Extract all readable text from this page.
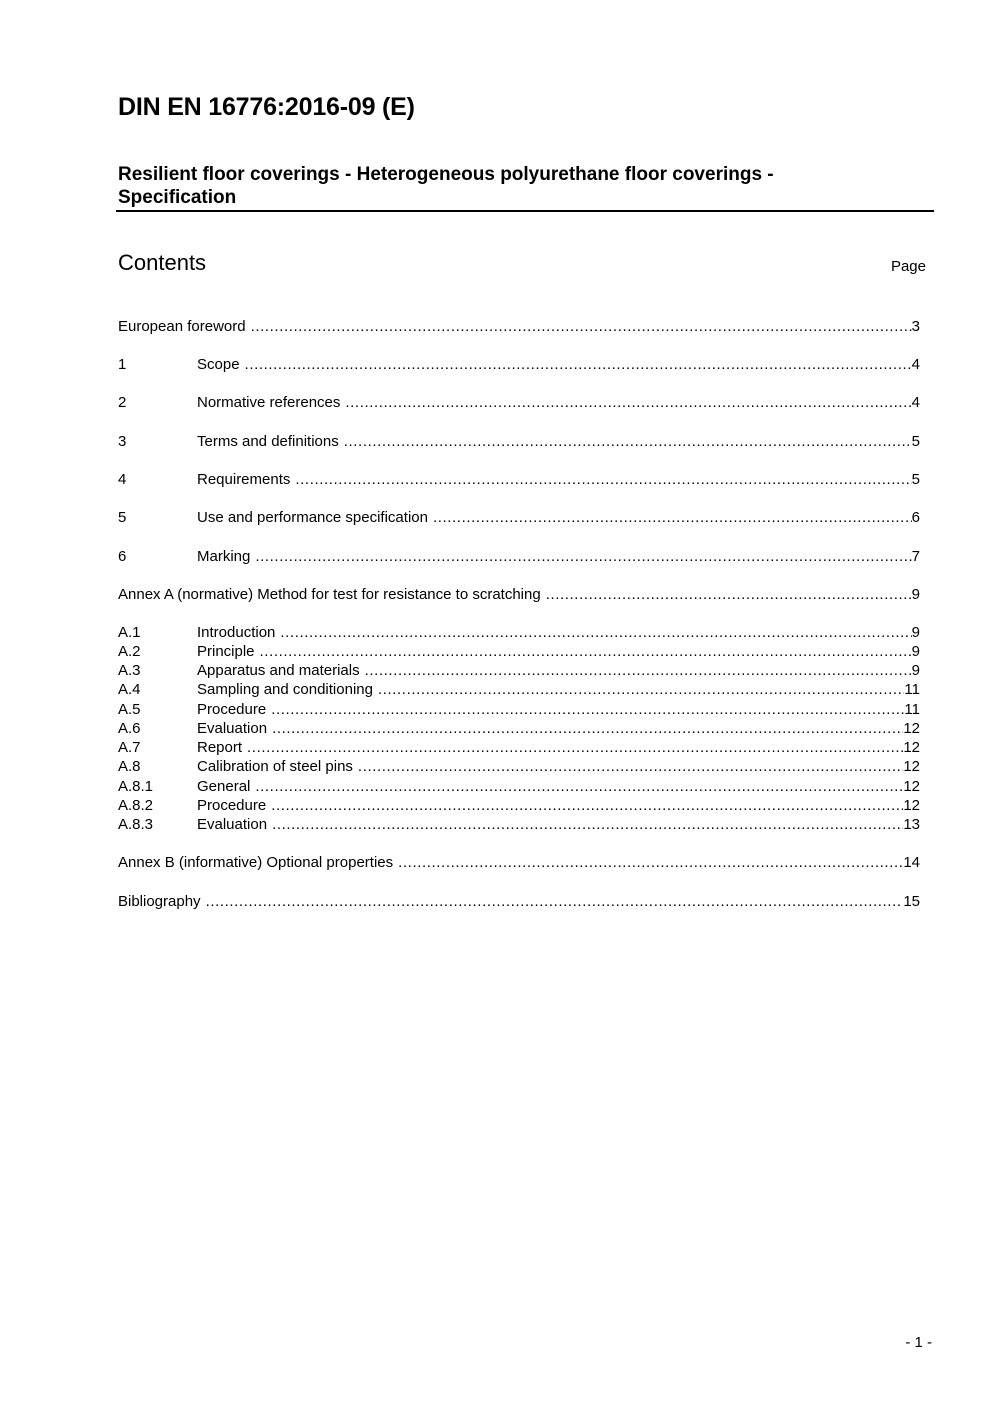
DIN EN 16776:2016-09 (E)
Resilient floor coverings - Heterogeneous polyurethane floor coverings - Specification
Contents	Page
European foreword .....	3
1	Scope .....	4
2	Normative references .....	4
3	Terms and definitions .....	5
4	Requirements .....	5
5	Use and performance specification .....	6
6	Marking .....	7
Annex A (normative) Method for test for resistance to scratching .....	9
A.1	Introduction .....	9
A.2	Principle .....	9
A.3	Apparatus and materials .....	9
A.4	Sampling and conditioning .....	11
A.5	Procedure .....	11
A.6	Evaluation .....	12
A.7	Report .....	12
A.8	Calibration of steel pins .....	12
A.8.1	General .....	12
A.8.2	Procedure .....	12
A.8.3	Evaluation .....	13
Annex B (informative) Optional properties .....	14
Bibliography .....	15
- 1 -
